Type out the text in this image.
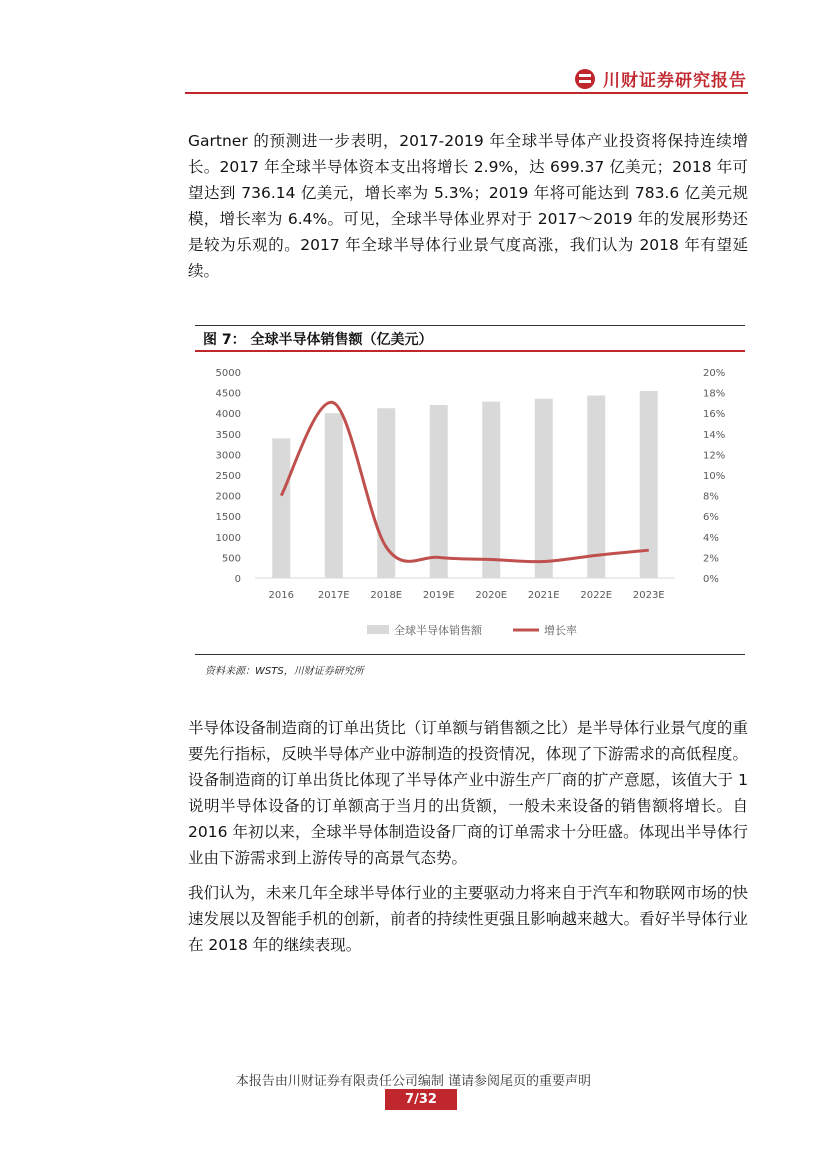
川财证券研究报告
Gartner 的预测进一步表明，2017-2019 年全球半导体产业投资将保持连续增长。2017 年全球半导体资本支出将增长 2.9%，达 699.37 亿美元；2018 年可望达到 736.14 亿美元，增长率为 5.3%；2019 年将可能达到 783.6 亿美元规模，增长率为 6.4%。可见，全球半导体业界对于 2017～2019 年的发展形势还是较为乐观的。2017 年全球半导体行业景气度高涨，我们认为 2018 年有望延续。
图 7： 全球半导体销售额（亿美元）
0
500
1000
1500
2000
2500
3000
3500
4000
4500
5000
0%
2%
4%
6%
8%
10%
12%
14%
16%
18%
20%
2016 2017E 2018E 2019E 2020E 2021E 2022E 2023E
全球半导体销售额	增长率
资料来源：WSTS，川财证券研究所
半导体设备制造商的订单出货比（订单额与销售额之比）是半导体行业景气度的重要先行指标，反映半导体产业中游制造的投资情况，体现了下游需求的高低程度。设备制造商的订单出货比体现了半导体产业中游生产厂商的扩产意愿，该值大于 1 说明半导体设备的订单额高于当月的出货额，一般未来设备的销售额将增长。自 2016 年初以来，全球半导体制造设备厂商的订单需求十分旺盛。体现出半导体行业由下游需求到上游传导的高景气态势。
我们认为，未来几年全球半导体行业的主要驱动力将来自于汽车和物联网市场的快速发展以及智能手机的创新，前者的持续性更强且影响越来越大。看好半导体行业在 2018 年的继续表现。
本报告由川财证券有限责任公司编制 谨请参阅尾页的重要声明
7/32
